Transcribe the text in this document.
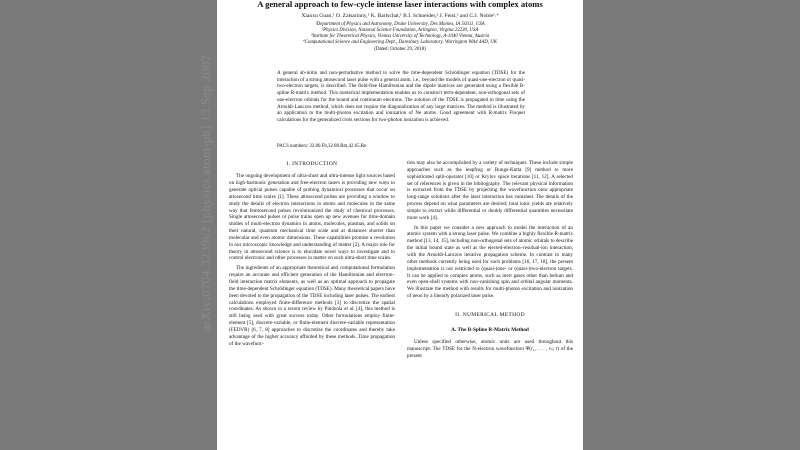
arXiv:0704.3239v2 [physics.atom-ph] 13 Sep 2007
A general approach to few-cycle intense laser interactions with complex atoms
Xiaoxu Guan,¹ O. Zatsarinny,¹ K. Bartschat,¹ B.I. Schneider,² J. Feist,³ and C.J. Noble¹˒⁴
¹Department of Physics and Astronomy, Drake University, Des Moines, IA 50311, USA
²Physics Division, National Science Foundation, Arlington, Virgina 22230, USA
³Institute for Theoretical Physics, Vienna University of Technology, A-1040 Vienna, Austria
⁴Computational Science and Engineering Dept., Daresbury Laboratory, Warrington WA4 4AD, UK
(Dated: October 29, 2018)
A general ab-initio and non-perturbative method to solve the time-dependent Schrödinger equation (TDSE) for the interaction of a strong attosecond laser pulse with a general atom, i.e., beyond the models of quasi-one-electron or quasi-two-electron targets, is described. The field-free Hamiltonian and the dipole matrices are generated using a flexible B-spline R-matrix method. This numerical implementation enables us to construct term-dependent, non-orthogonal sets of one-electron orbitals for the bound and continuum electrons. The solution of the TDSE is propagated in time using the Arnoldi-Lanczos method, which does not require the diagonalization of any large matrices. The method is illustrated by an application to the multi-photon excitation and ionization of Ne atoms. Good agreement with R-matrix Floquet calculations for the generalized cross sections for two-photon ionization is achieved.
PACS numbers: 32.80.Fb,32.80.Rm,42.65.Re
I. INTRODUCTION

The ongoing development of ultra-short and ultra-intense light sources based on high-harmonic generation and free-electron lasers is providing new ways to generate optical pulses capable of probing dynamical processes that occur on attosecond time scales [1]. These attosecond pulses are providing a window to study the details of electron interactions in atoms and molecules in the same way that femtosecond pulses revolutionized the study of chemical processes. Single attosecond pulses or pulse trains open up new avenues for time-domain studies of multi-electron dynamics in atoms, molecules, plasmas, and solids on their natural, quantum mechanical time scale and at distances shorter than molecular and even atomic dimensions. These capabilities promise a revolution in our microscopic knowledge and understanding of matter [2]. A major role for theory in attosecond science is to elucidate novel ways to investigate and to control electronic and other processes in matter on such ultra-short time scales.

The ingredients of an appropriate theoretical and computational formulation require an accurate and efficient generation of the Hamiltonian and electron–field interaction matrix elements, as well as an optimal approach to propagate the time-dependent Schrödinger equation (TDSE). Many theoretical papers have been devoted to the propagation of the TDSE including laser pulses. The earliest calculations employed finite-difference methods [3] to discretize the spatial coordinates. As shown in a recent review by Pindzola et al. [4], this method is still being used with great success today. Other formulations employ finite-element [5], discrete-variable, or finite-element discrete-variable representation (FEDVR) [6, 7, 8] approaches to discretize the coordinates and thereby take advantage of the higher accuracy afforded by these methods. Time propagation of the wavefunc-

tion may also be accomplished by a variety of techniques. These include simple approaches such as the leapfrog or Runge-Kutta [9] method to more sophisticated split-operator [10] or Krylov space iterations [11, 12]. A selected set of references is given in the bibliography. The relevant physical information is extracted from the TDSE by projecting the wavefunction onto appropriate long-range solutions after the laser interaction has vanished. The details of the process depend on what parameters are desired; total ionic yields are relatively simple to extract while differential or doubly differential quantities necessitate more work [4].

In this paper we consider a new approach to model the interaction of an atomic system with a strong laser pulse. We combine a highly flexible R-matrix method [13, 14, 15], including non-orthogonal sets of atomic orbitals to describe the initial bound state as well as the ejected-electron–residual-ion interaction, with the Arnoldi-Lanczos iterative propagation scheme. In contrast to many other methods currently being used for such problems [16, 17, 18], the present implementation is not restricted to (quasi-)one- or (quasi-)two-electron targets. It can be applied to complex atoms, such as inert gases other than helium and even open-shell systems with non-vanishing spin and orbital angular momenta. We illustrate the method with results for multi-photon excitation and ionization of neon by a linearly polarized laser pulse.

II. NUMERICAL METHOD
A. The B-Spline R-Matrix Method

Unless specified otherwise, atomic units are used throughout this manuscript. The TDSE for the N-electron wavefunction Ψ(r₁, . . . , rₙ; t) of the present
